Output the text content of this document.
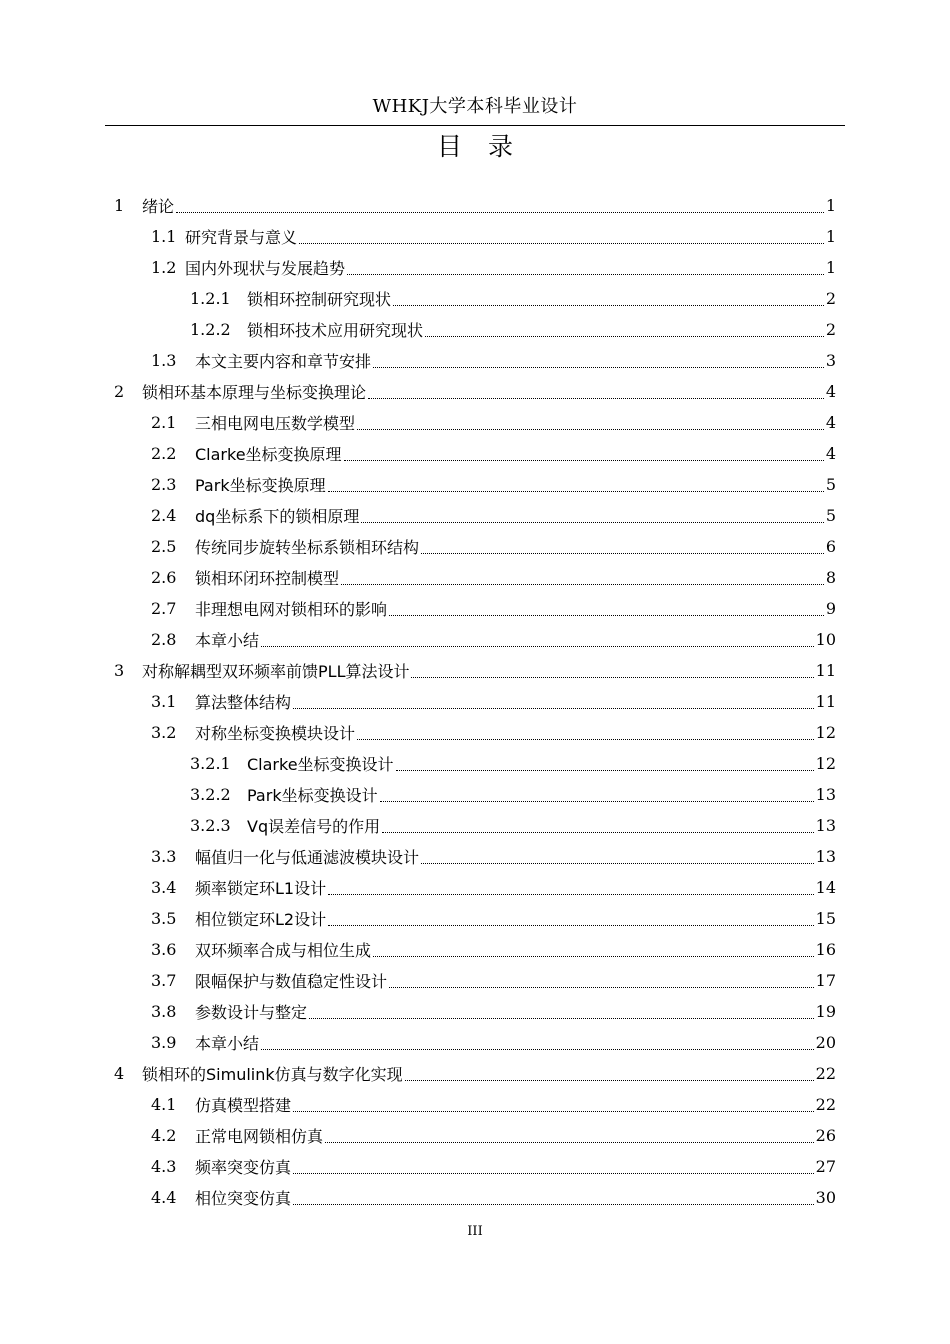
WHKJ大学本科毕业设计
目录
1	绪论	1
1.1 研究背景与意义	1
1.2 国内外现状与发展趋势	1
1.2.1	锁相环控制研究现状	2
1.2.2	锁相环技术应用研究现状	2
1.3	本文主要内容和章节安排	3
2	锁相环基本原理与坐标变换理论	4
2.1	三相电网电压数学模型	4
2.2	Clarke坐标变换原理	4
2.3	Park坐标变换原理	5
2.4	dq坐标系下的锁相原理	5
2.5	传统同步旋转坐标系锁相环结构	6
2.6	锁相环闭环控制模型	8
2.7	非理想电网对锁相环的影响	9
2.8	本章小结	10
3	对称解耦型双环频率前馈PLL算法设计	11
3.1	算法整体结构	11
3.2	对称坐标变换模块设计	12
3.2.1	Clarke坐标变换设计	12
3.2.2	Park坐标变换设计	13
3.2.3	Vq误差信号的作用	13
3.3	幅值归一化与低通滤波模块设计	13
3.4	频率锁定环L1设计	14
3.5	相位锁定环L2设计	15
3.6	双环频率合成与相位生成	16
3.7	限幅保护与数值稳定性设计	17
3.8	参数设计与整定	19
3.9	本章小结	20
4	锁相环的Simulink仿真与数字化实现	22
4.1	仿真模型搭建	22
4.2	正常电网锁相仿真	26
4.3	频率突变仿真	27
4.4	相位突变仿真	30
III
